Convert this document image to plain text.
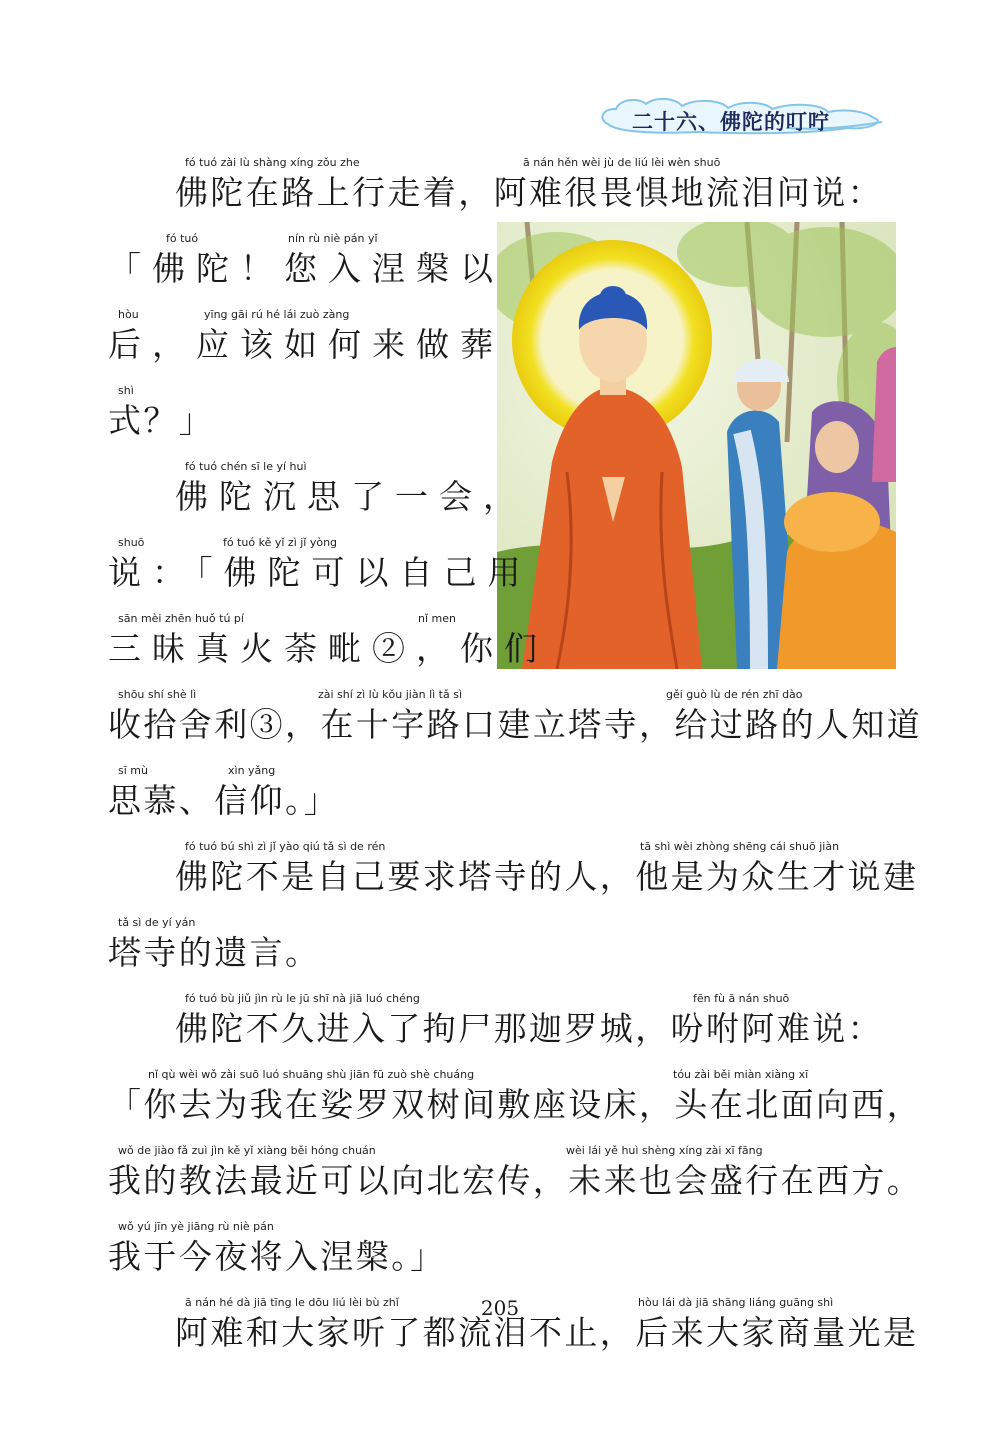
二十六、佛陀的叮咛

佛陀在路上行走着，阿难很畏惧地流泪问说：

fó tuó zài lù shàng xíng zǒu zhe	ā nán hěn wèi jù de liú lèi wèn shuō

「佛陀！您入涅槃以

fó tuó	nín rù niè pán yǐ

后，应该如何来做葬

hòu	yīng gāi rú hé lái zuò zàng

式？」

shì

佛陀沉思了一会，

fó tuó chén sī le yí huì

说：「佛陀可以自己用

shuō	fó tuó kě yǐ zì jǐ yòng

三昧真火荼毗②，你们

sān mèi zhēn huǒ tú pí	nǐ men

收拾舍利③，在十字路口建立塔寺，给过路的人知道

shōu shí shè lì	zài shí zì lù kǒu jiàn lì tǎ sì	gěi guò lù de rén zhī dào

思慕、信仰。」

sī mù	xìn yǎng

佛陀不是自己要求塔寺的人，他是为众生才说建

fó tuó bú shì zì jǐ yào qiú tǎ sì de rén	tā shì wèi zhòng shēng cái shuō jiàn

塔寺的遗言。

tǎ sì de yí yán

佛陀不久进入了拘尸那迦罗城，吩咐阿难说：

fó tuó bù jiǔ jìn rù le jū shī nà jiā luó chéng	fēn fù ā nán shuō

「你去为我在娑罗双树间敷座设床，头在北面向西，

nǐ qù wèi wǒ zài suō luó shuāng shù jiān fū zuò shè chuáng	tóu zài běi miàn xiàng xī

我的教法最近可以向北宏传，未来也会盛行在西方。

wǒ de jiào fǎ zuì jìn kě yǐ xiàng běi hóng chuán	wèi lái yě huì shèng xíng zài xī fāng

我于今夜将入涅槃。」

wǒ yú jīn yè jiāng rù niè pán

阿难和大家听了都流泪不止，后来大家商量光是

ā nán hé dà jiā tīng le dōu liú lèi bù zhǐ	hòu lái dà jiā shāng liáng guāng shì
205
